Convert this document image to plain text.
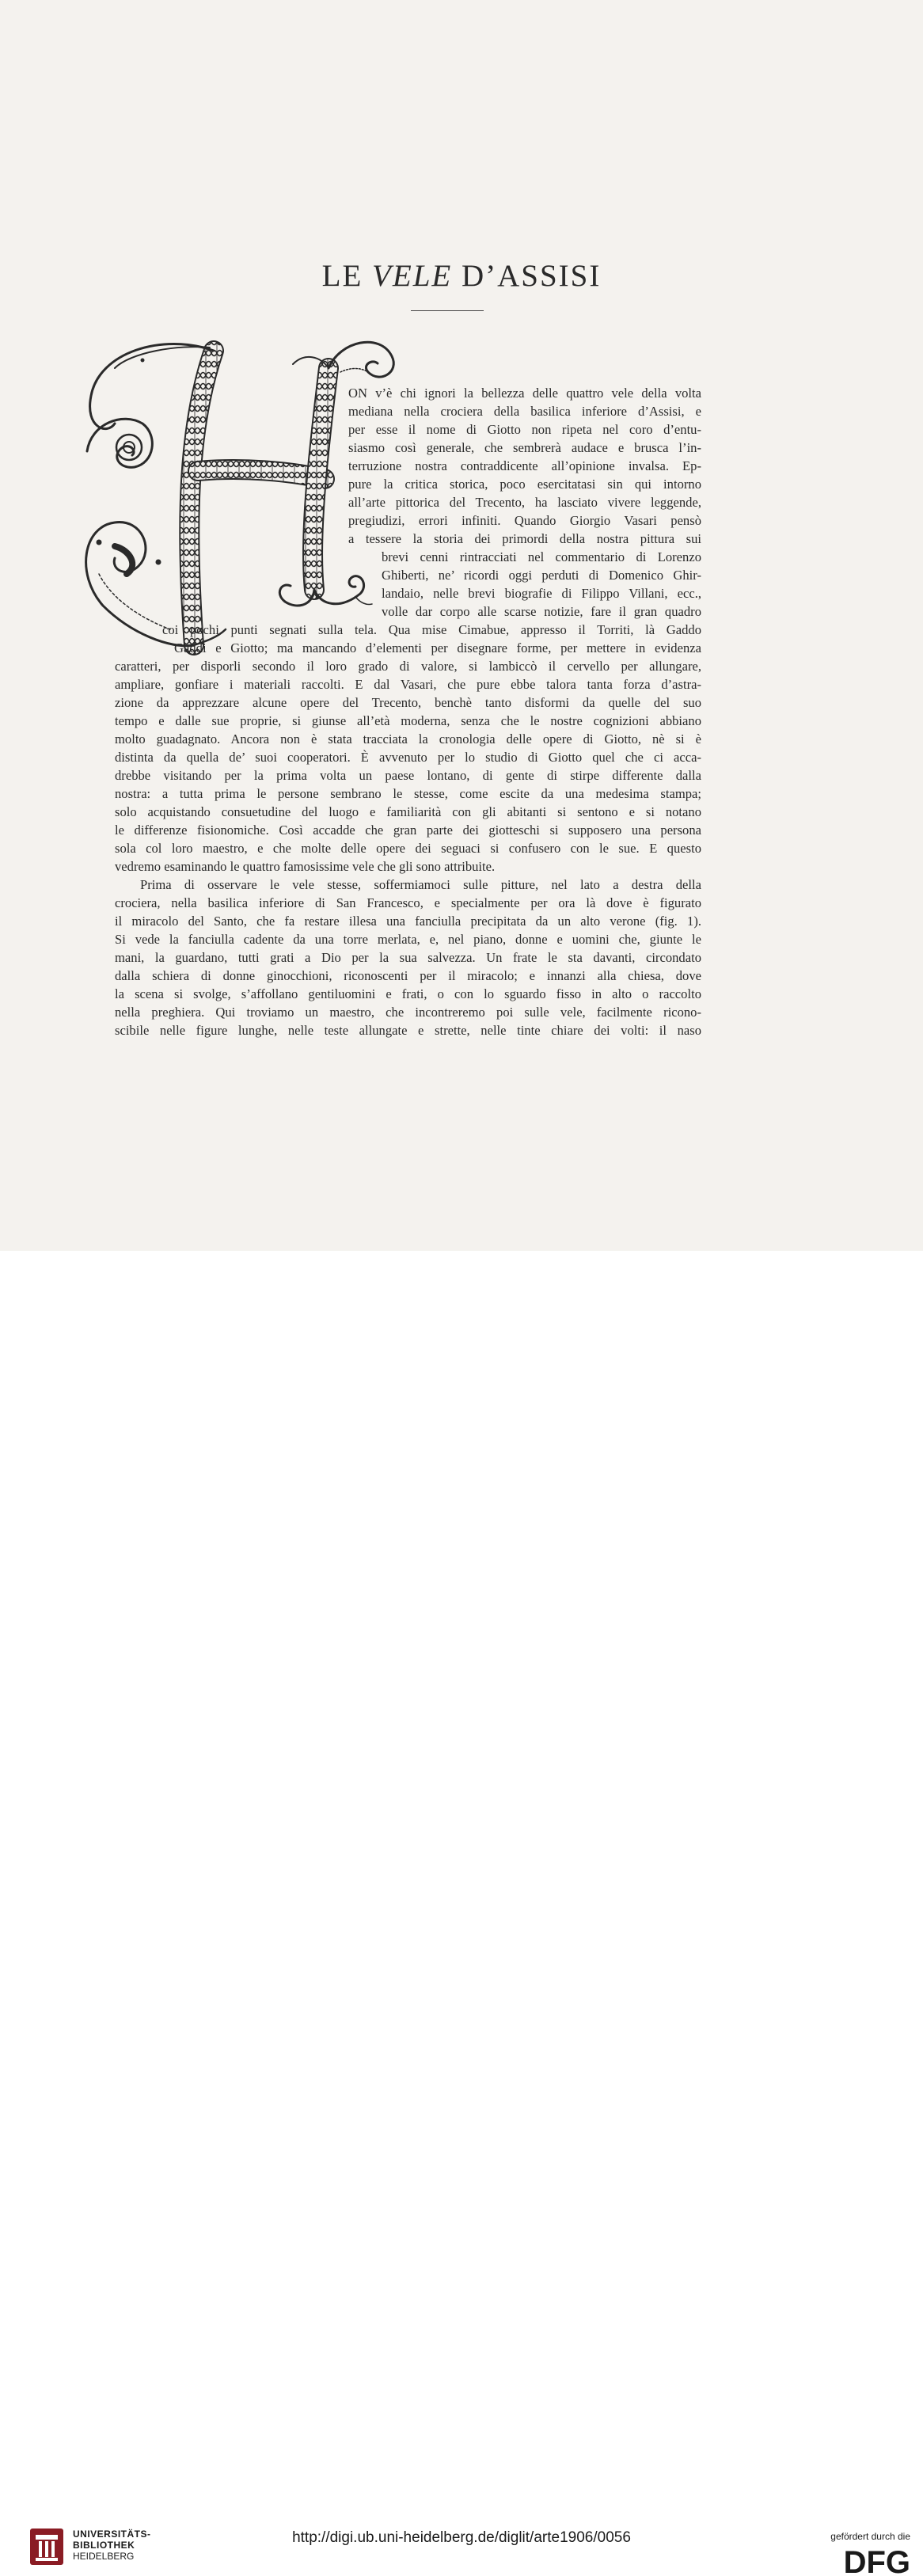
LE VELE D’ASSISI
ON v’è chi ignori la bellezza delle quattro vele della volta
mediana nella crociera della basilica inferiore d’Assisi, e
per esse il nome di Giotto non ripeta nel coro d’entu-
siasmo così generale, che sembrerà audace e brusca l’in-
terruzione nostra contraddicente all’opinione invalsa. Ep-
pure la critica storica, poco esercitatasi sin qui intorno
all’arte pittorica del Trecento, ha lasciato vivere leggende,
pregiudizi, errori infiniti. Quando Giorgio Vasari pensò
a tessere la storia dei primordi della nostra pittura sui
brevi cenni rintracciati nel commentario di Lorenzo
Ghiberti, ne’ ricordi oggi perduti di Domenico Ghir-
landaio, nelle brevi biografie di Filippo Villani, ecc.,
volle dar corpo alle scarse notizie, fare il gran quadro
coi pochi punti segnati sulla tela. Qua mise Cimabue, appresso il Torriti, là Gaddo
Gaddi e Giotto; ma mancando d’elementi per disegnare forme, per mettere in evidenza
caratteri, per disporli secondo il loro grado di valore, si lambiccò il cervello per allungare,
ampliare, gonfiare i materiali raccolti. E dal Vasari, che pure ebbe talora tanta forza d’astra-
zione da apprezzare alcune opere del Trecento, benchè tanto disformi da quelle del suo
tempo e dalle sue proprie, si giunse all’età moderna, senza che le nostre cognizioni abbiano
molto guadagnato. Ancora non è stata tracciata la cronologia delle opere di Giotto, nè si è
distinta da quella de’ suoi cooperatori. È avvenuto per lo studio di Giotto quel che ci acca-
drebbe visitando per la prima volta un paese lontano, di gente di stirpe differente dalla
nostra: a tutta prima le persone sembrano le stesse, come escite da una medesima stampa;
solo acquistando consuetudine del luogo e familiarità con gli abitanti si sentono e si notano
le differenze fisionomiche. Così accadde che gran parte dei giotteschi si supposero una persona
sola col loro maestro, e che molte delle opere dei seguaci si confusero con le sue. E questo
vedremo esaminando le quattro famosissime vele che gli sono attribuite.
Prima di osservare le vele stesse, soffermiamoci sulle pitture, nel lato a destra della
crociera, nella basilica inferiore di San Francesco, e specialmente per ora là dove è figurato
il miracolo del Santo, che fa restare illesa una fanciulla precipitata da un alto verone (fig. 1).
Si vede la fanciulla cadente da una torre merlata, e, nel piano, donne e uomini che, giunte le
mani, la guardano, tutti grati a Dio per la sua salvezza. Un frate le sta davanti, circondato
dalla schiera di donne ginocchioni, riconoscenti per il miracolo; e innanzi alla chiesa, dove
la scena si svolge, s’affollano gentiluomini e frati, o con lo sguardo fisso in alto o raccolto
nella preghiera. Qui troviamo un maestro, che incontreremo poi sulle vele, facilmente ricono-
scibile nelle figure lunghe, nelle teste allungate e strette, nelle tinte chiare dei volti: il naso
UNIVERSITÄTS-
BIBLIOTHEK
HEIDELBERG
http://digi.ub.uni-heidelberg.de/diglit/arte1906/0056	gefördert durch die
DFG
